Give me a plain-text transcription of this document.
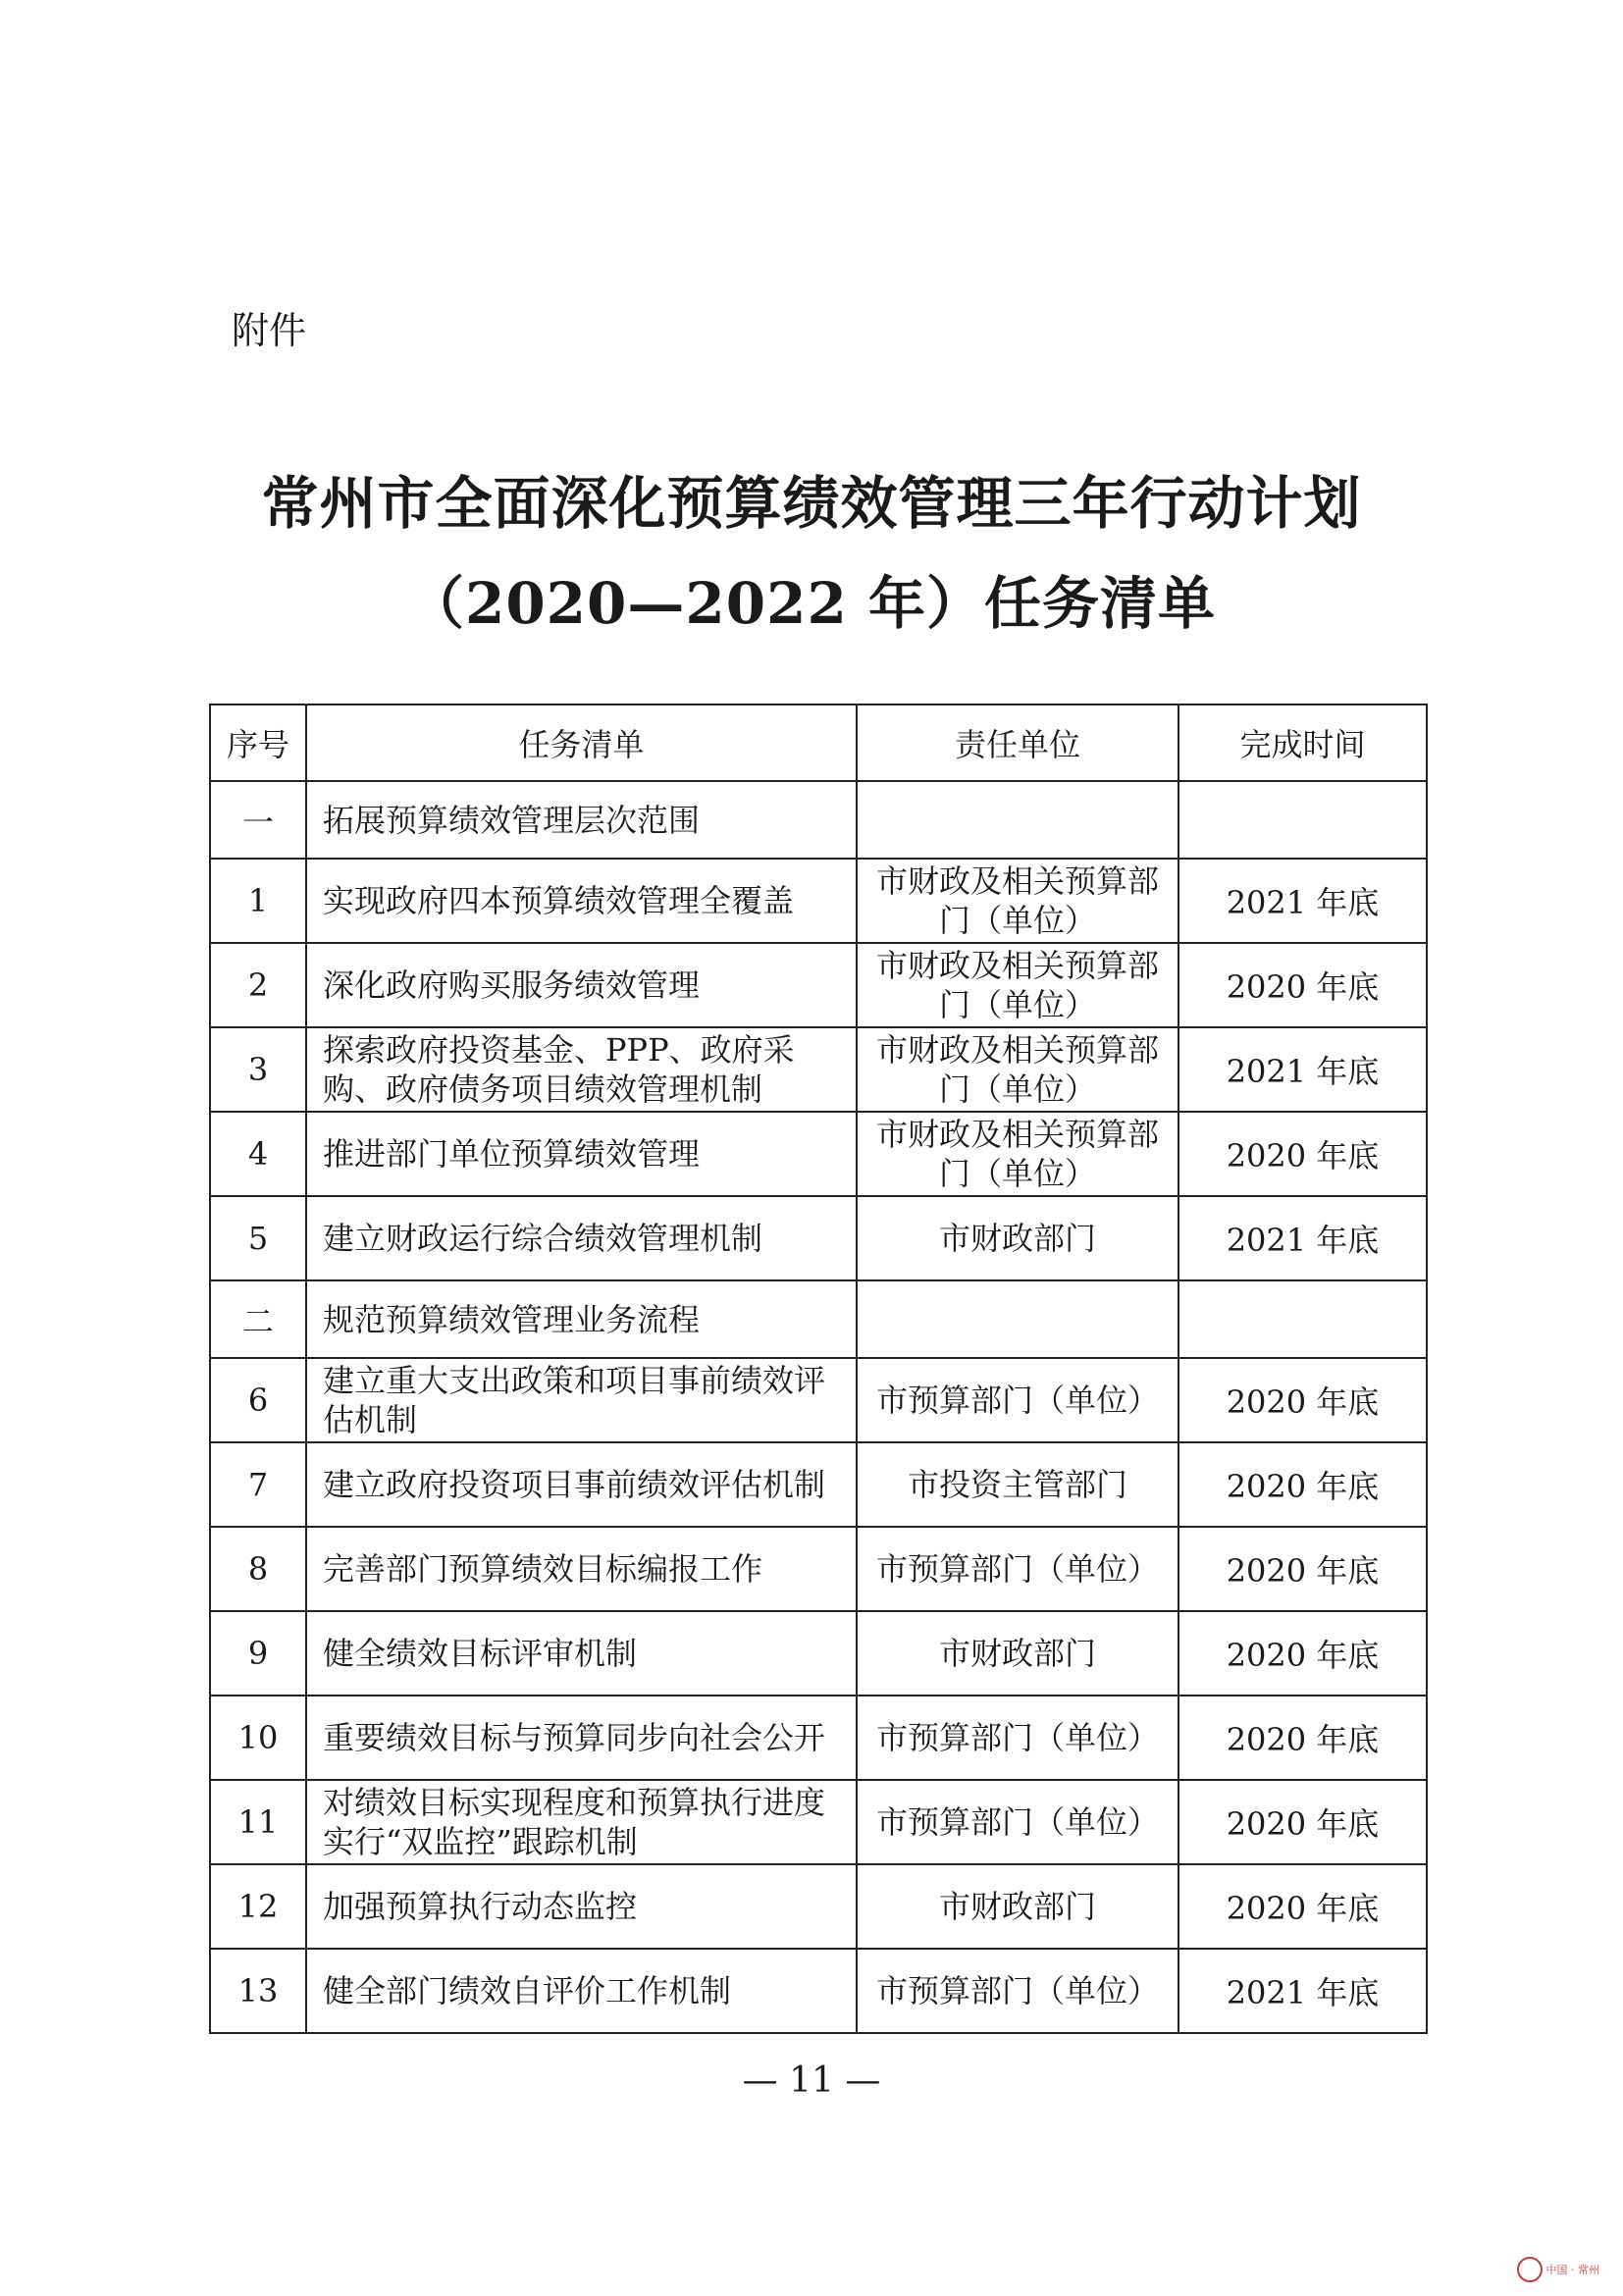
附件
常州市全面深化预算绩效管理三年行动计划
（2020—2022 年）任务清单
序号	任务清单	责任单位	完成时间
一	拓展预算绩效管理层次范围		
1	实现政府四本预算绩效管理全覆盖	市财政及相关预算部门（单位）	2021 年底
2	深化政府购买服务绩效管理	市财政及相关预算部门（单位）	2020 年底
3	探索政府投资基金、PPP、政府采购、政府债务项目绩效管理机制	市财政及相关预算部门（单位）	2021 年底
4	推进部门单位预算绩效管理	市财政及相关预算部门（单位）	2020 年底
5	建立财政运行综合绩效管理机制	市财政部门	2021 年底
二	规范预算绩效管理业务流程		
6	建立重大支出政策和项目事前绩效评估机制	市预算部门（单位）	2020 年底
7	建立政府投资项目事前绩效评估机制	市投资主管部门	2020 年底
8	完善部门预算绩效目标编报工作	市预算部门（单位）	2020 年底
9	健全绩效目标评审机制	市财政部门	2020 年底
10	重要绩效目标与预算同步向社会公开	市预算部门（单位）	2020 年底
11	对绩效目标实现程度和预算执行进度实行“双监控”跟踪机制	市预算部门（单位）	2020 年底
12	加强预算执行动态监控	市财政部门	2020 年底
13	健全部门绩效自评价工作机制	市预算部门（单位）	2021 年底
— 11 —
中国 · 常州
